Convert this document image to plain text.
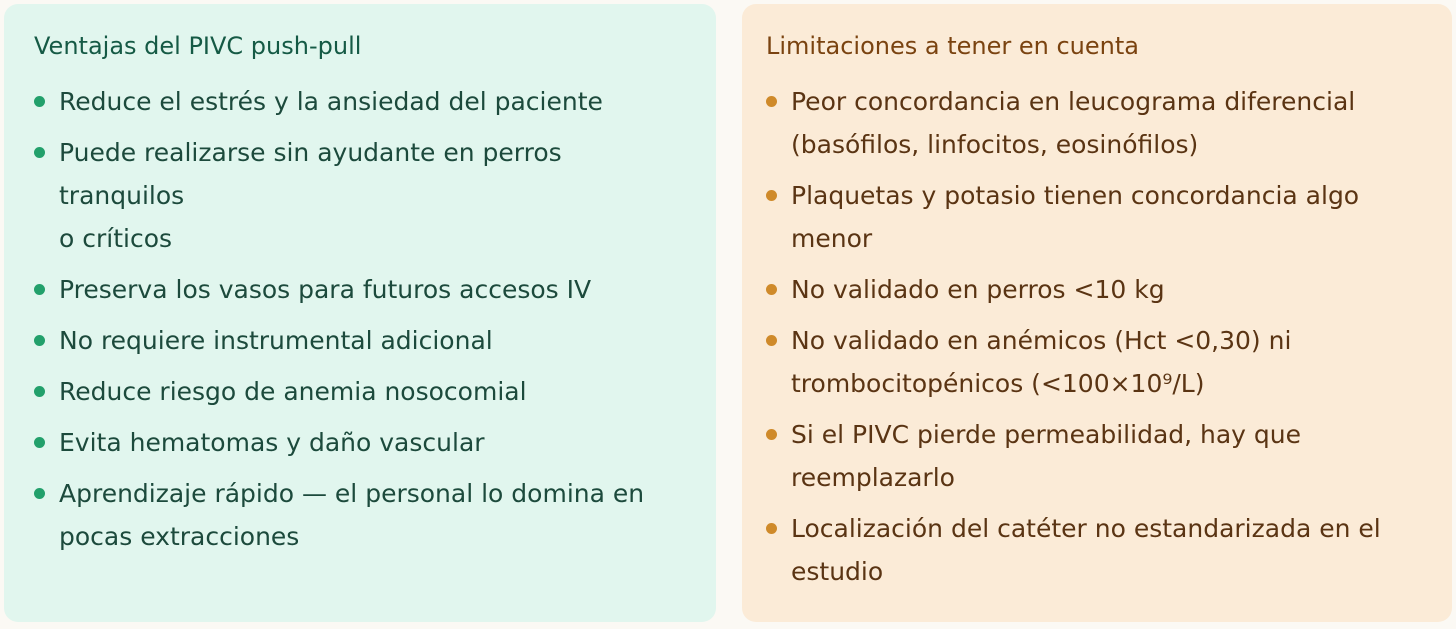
Ventajas del PIVC push-pull
Reduce el estrés y la ansiedad del paciente
Puede realizarse sin ayudante en perros tranquilos
o críticos
Preserva los vasos para futuros accesos IV
No requiere instrumental adicional
Reduce riesgo de anemia nosocomial
Evita hematomas y daño vascular
Aprendizaje rápido — el personal lo domina en
pocas extracciones
Limitaciones a tener en cuenta
Peor concordancia en leucograma diferencial
(basófilos, linfocitos, eosinófilos)
Plaquetas y potasio tienen concordancia algo
menor
No validado en perros <10 kg
No validado en anémicos (Hct <0,30) ni
trombocitopénicos (<100×10⁹/L)
Si el PIVC pierde permeabilidad, hay que
reemplazarlo
Localización del catéter no estandarizada en el
estudio
